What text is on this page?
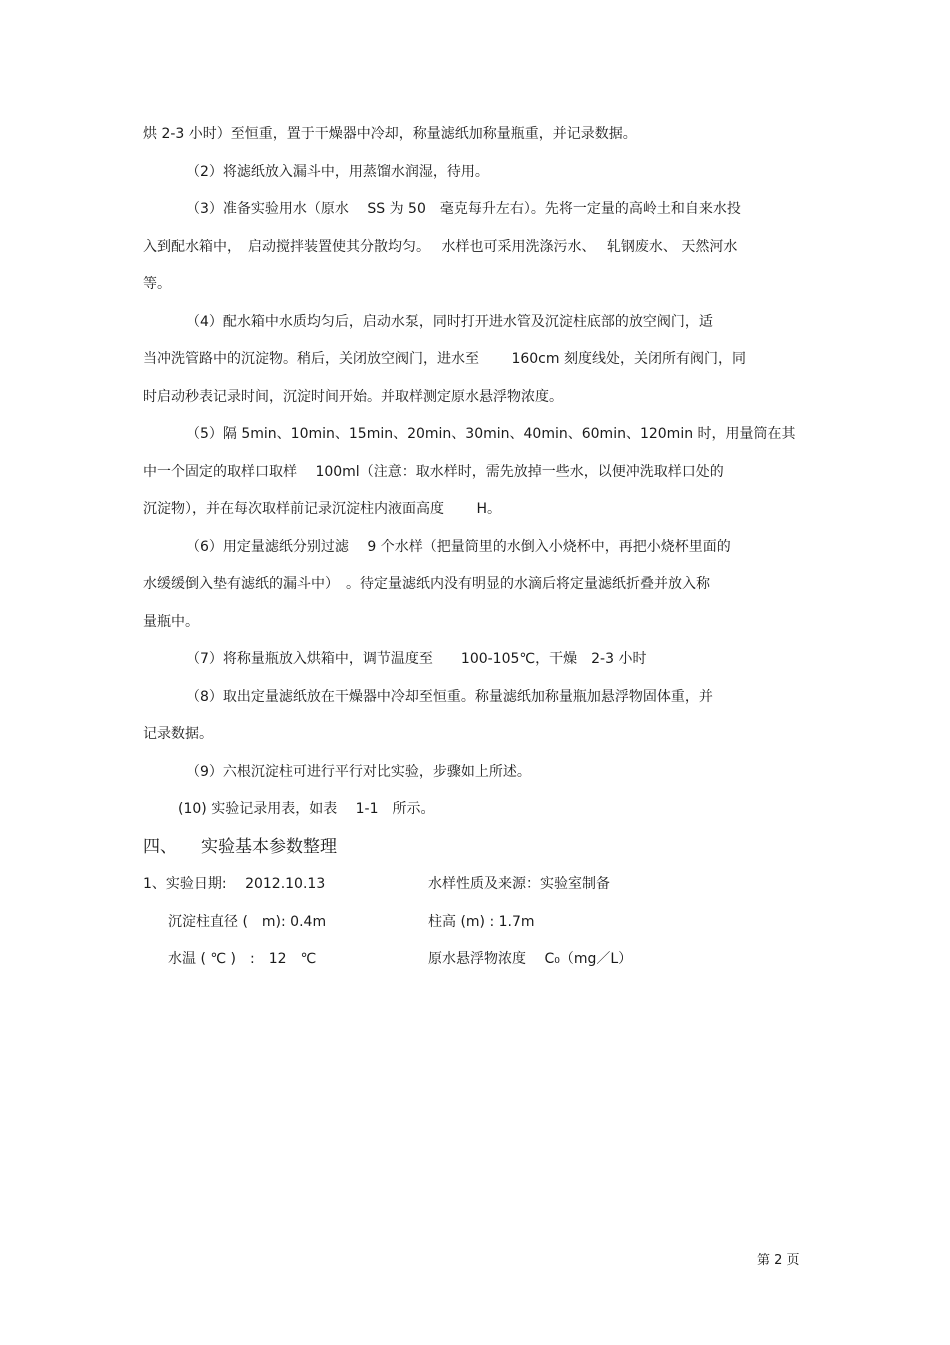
烘 2-3 小时）至恒重，置于干燥器中冷却，称量滤纸加称量瓶重，并记录数据。
（2）将滤纸放入漏斗中，用蒸馏水润湿，待用。
（3）准备实验用水（原水　 SS 为 50　毫克每升左右）。先将一定量的高岭土和自来水投
入到配水箱中，　启动搅拌装置使其分散均匀。　 水样也可采用洗涤污水、　 轧钢废水、 天然河水
等。
（4）配水箱中水质均匀后，启动水泵，同时打开进水管及沉淀柱底部的放空阀门，适
当冲洗管路中的沉淀物。稍后，关闭放空阀门，进水至　　 160cm 刻度线处，关闭所有阀门，同
时启动秒表记录时间，沉淀时间开始。并取样测定原水悬浮物浓度。
（5）隔 5min、10min、15min、20min、30min、40min、60min、120min 时，用量筒在其
中一个固定的取样口取样　 100ml（注意：取水样时，需先放掉一些水，以便冲洗取样口处的
沉淀物），并在每次取样前记录沉淀柱内液面高度　　 H。
（6）用定量滤纸分别过滤　 9 个水样（把量筒里的水倒入小烧杯中，再把小烧杯里面的
水缓缓倒入垫有滤纸的漏斗中）　。待定量滤纸内没有明显的水滴后将定量滤纸折叠并放入称
量瓶中。
（7）将称量瓶放入烘箱中，调节温度至　　100-105℃，干燥　2-3 小时
（8）取出定量滤纸放在干燥器中冷却至恒重。称量滤纸加称量瓶加悬浮物固体重，并
记录数据。
（9）六根沉淀柱可进行平行对比实验，步骤如上所述。
(10) 实验记录用表，如表　 1-1　所示。
四、 实验基本参数整理
1、实验日期:　 2012.10.13	水样性质及来源：实验室制备
沉淀柱直径 (　m): 0.4m	柱高 (m) : 1.7m
水温 ( ℃ )　:　12　℃	原水悬浮物浓度　 C₀（mg／L）
第 2 页
